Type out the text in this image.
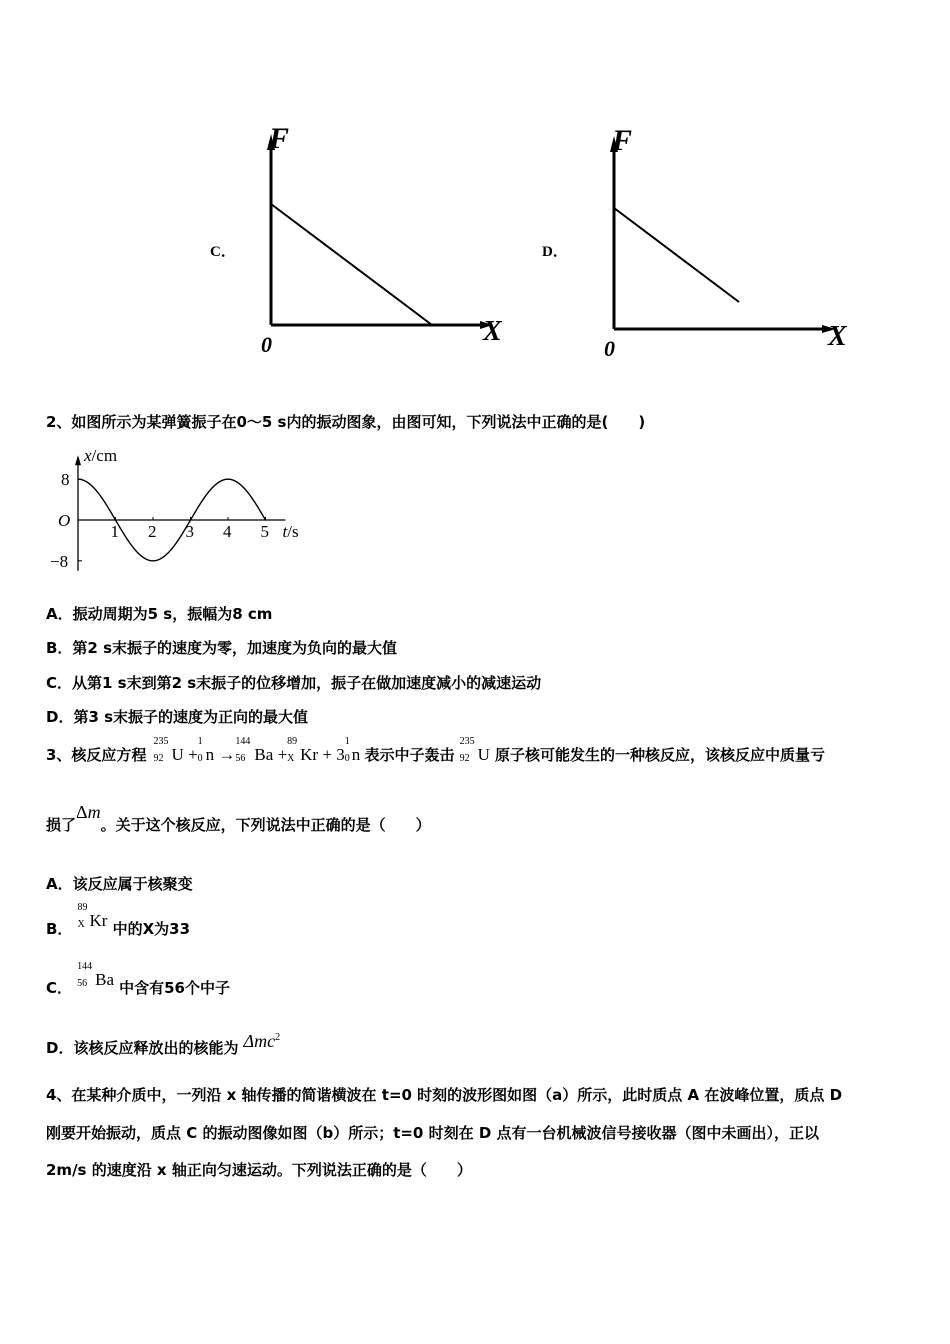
C．
F
X
0
D．
F
X
0
2、如图所示为某弹簧振子在0～5 s内的振动图象，由图可知，下列说法中正确的是(　　)
1 2 3 4 5
8
−8
O
x/cm
t/s
A．振动周期为5 s，振幅为8 cm
B．第2 s末振子的速度为零，加速度为负向的最大值
C．从第1 s末到第2 s末振子的位移增加，振子在做加速度减小的减速运动
D．第3 s末振子的速度为正向的最大值
3、核反应方程
235
92 U +
1
0 n →
144
56 Ba +
89
X Kr + 3
1
0 n 表示中子轰击
235
92 U 原子核可能发生的一种核反应，该核反应中质量亏
损了Δm。关于这个核反应，下列说法中正确的是（　　）
A．该反应属于核聚变
B．
89
X Kr 中的X为33
C．
144
56 Ba 中含有56个中子
D．该核反应释放出的核能为 Δmc$^2$
4、在某种介质中，一列沿 x 轴传播的简谐横波在 t=0 时刻的波形图如图（a）所示，此时质点 A 在波峰位置，质点 D
刚要开始振动，质点 C 的振动图像如图（b）所示；t=0 时刻在 D 点有一台机械波信号接收器（图中未画出），正以
2m/s 的速度沿 x 轴正向匀速运动。下列说法正确的是（　　）
